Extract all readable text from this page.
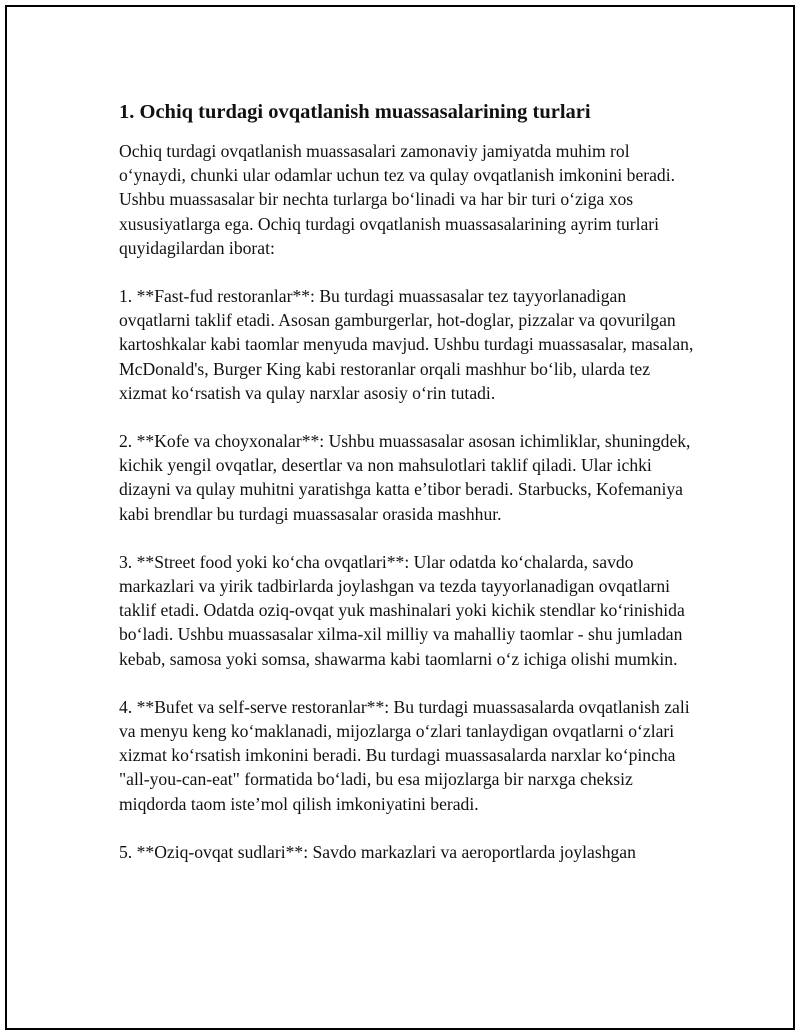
1. Ochiq turdagi ovqatlanish muassasalarining turlari

Ochiq turdagi ovqatlanish muassasalari zamonaviy jamiyatda muhim rol o‘ynaydi, chunki ular odamlar uchun tez va qulay ovqatlanish imkonini beradi. Ushbu muassasalar bir nechta turlarga bo‘linadi va har bir turi o‘ziga xos xususiyatlarga ega. Ochiq turdagi ovqatlanish muassasalarining ayrim turlari quyidagilardan iborat:

1. **Fast-fud restoranlar**: Bu turdagi muassasalar tez tayyorlanadigan ovqatlarni taklif etadi. Asosan gamburgerlar, hot-doglar, pizzalar va qovurilgan kartoshkalar kabi taomlar menyuda mavjud. Ushbu turdagi muassasalar, masalan, McDonald's, Burger King kabi restoranlar orqali mashhur bo‘lib, ularda tez xizmat ko‘rsatish va qulay narxlar asosiy o‘rin tutadi.

2. **Kofe va choyxonalar**: Ushbu muassasalar asosan ichimliklar, shuningdek, kichik yengil ovqatlar, desertlar va non mahsulotlari taklif qiladi. Ular ichki dizayni va qulay muhitni yaratishga katta e’tibor beradi. Starbucks, Kofemaniya kabi brendlar bu turdagi muassasalar orasida mashhur.

3. **Street food yoki ko‘cha ovqatlari**: Ular odatda ko‘chalarda, savdo markazlari va yirik tadbirlarda joylashgan va tezda tayyorlanadigan ovqatlarni taklif etadi. Odatda oziq-ovqat yuk mashinalari yoki kichik stendlar ko‘rinishida bo‘ladi. Ushbu muassasalar xilma-xil milliy va mahalliy taomlar - shu jumladan kebab, samosa yoki somsa, shawarma kabi taomlarni o‘z ichiga olishi mumkin.

4. **Bufet va self-serve restoranlar**: Bu turdagi muassasalarda ovqatlanish zali va menyu keng ko‘maklanadi, mijozlarga o‘zlari tanlaydigan ovqatlarni o‘zlari xizmat ko‘rsatish imkonini beradi. Bu turdagi muassasalarda narxlar ko‘pincha "all-you-can-eat" formatida bo‘ladi, bu esa mijozlarga bir narxga cheksiz miqdorda taom iste’mol qilish imkoniyatini beradi.

5. **Oziq-ovqat sudlari**: Savdo markazlari va aeroportlarda joylashgan
